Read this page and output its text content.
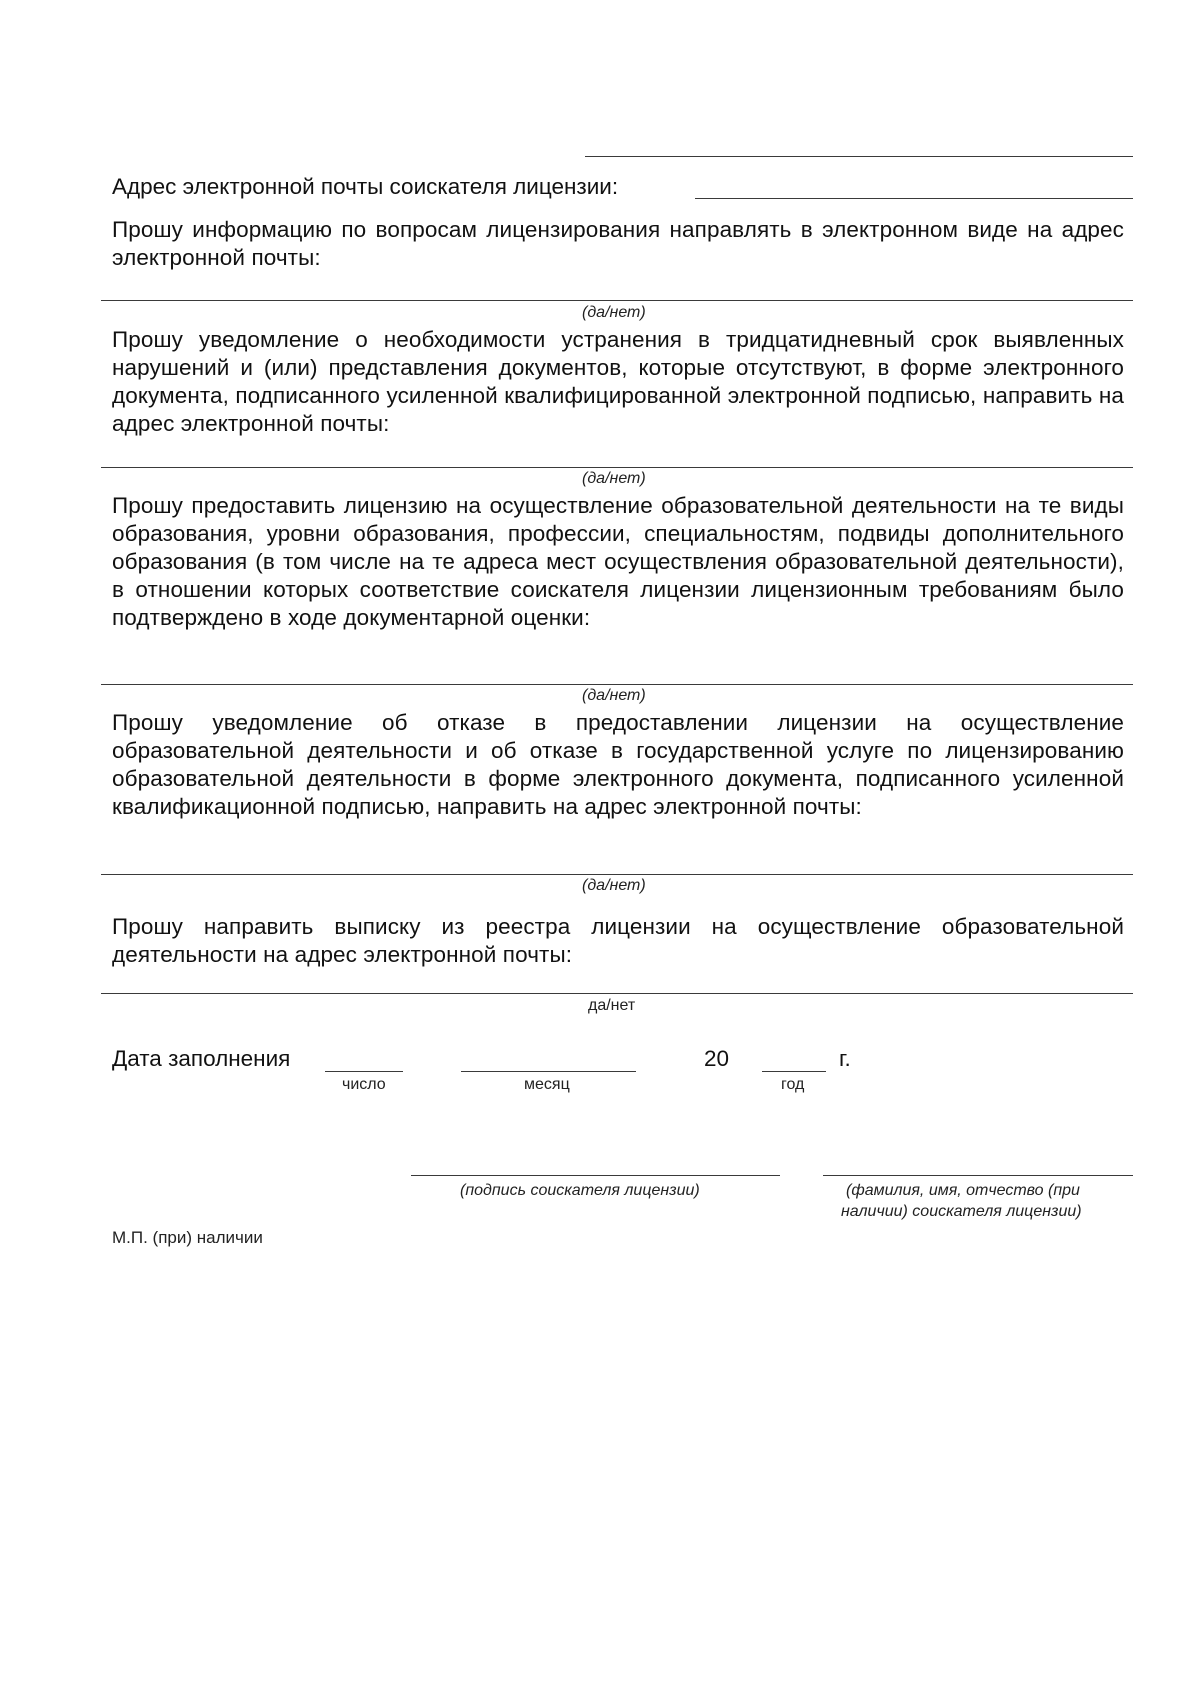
Адрес электронной почты соискателя лицензии:
Прошу информацию по вопросам лицензирования направлять в электронном виде на адрес электронной почты:
(да/нет)
Прошу уведомление о необходимости устранения в тридцатидневный срок выявленных нарушений и (или) представления документов, которые отсутствуют, в форме электронного документа, подписанного усиленной квалифицированной электронной подписью, направить на адрес электронной почты:
(да/нет)
Прошу предоставить лицензию на осуществление образовательной деятельности на те виды образования, уровни образования, профессии, специальностям, подвиды дополнительного образования (в том числе на те адреса мест осуществления образовательной деятельности), в отношении которых соответствие соискателя лицензии лицензионным требованиям было подтверждено в ходе документарной оценки:
(да/нет)
Прошу уведомление об отказе в предоставлении лицензии на осуществление образовательной деятельности и об отказе в государственной услуге по лицензированию образовательной деятельности в форме электронного документа, подписанного усиленной квалификационной подписью, направить на адрес электронной почты:
(да/нет)
Прошу направить выписку из реестра лицензии на осуществление образовательной деятельности на адрес электронной почты:
да/нет
Дата заполнения
число	месяц
20
год
г.
(подпись соискателя лицензии)	(фамилия, имя, отчество (при
наличии) соискателя лицензии)
М.П. (при) наличии
